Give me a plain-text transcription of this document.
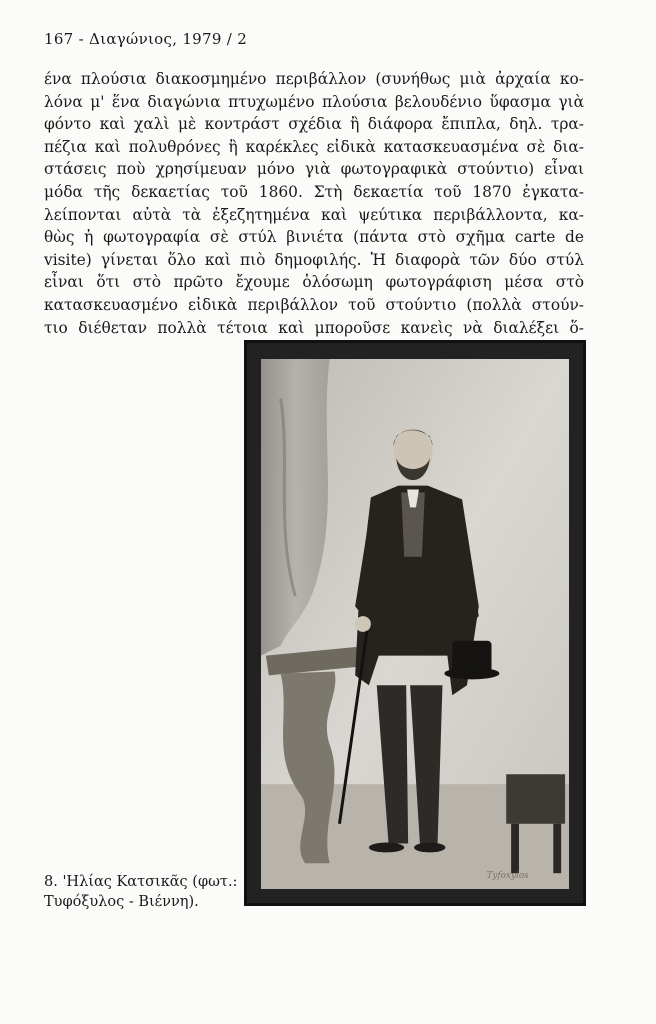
167 - Διαγώνιος, 1979 / 2
ένα πλούσια διακοσμημένο περιβάλλον (συνήθως μιὰ ἀρχαία κο-
λόνα μ' ἕνα διαγώνια πτυχωμένο πλούσια βελουδένιο ὕφασμα γιὰ
φόντο καὶ χαλὶ μὲ κοντράστ σχέδια ἢ διάφορα ἔπιπλα, δηλ. τρα-
πέζια καὶ πολυθρόνες ἢ καρέκλες εἰδικὰ κατασκευασμένα σὲ δια-
στάσεις ποὺ χρησίμευαν μόνο γιὰ φωτογραφικὰ στούντιο) εἶναι
μόδα τῆς δεκαετίας τοῦ 1860. Στὴ δεκαετία τοῦ 1870 ἐγκατα-
λείπονται αὐτὰ τὰ ἐξεζητημένα καὶ ψεύτικα περιβάλλοντα, κα-
θὼς ἡ φωτογραφία σὲ στύλ βινιέτα (πάντα στὸ σχῆμα carte de
visite) γίνεται ὅλο καὶ πιὸ δημοφιλής. Ἡ διαφορὰ τῶν δύο στύλ
εἶναι ὅτι στὸ πρῶτο ἔχουμε ὁλόσωμη φωτογράφιση μέσα στὸ
κατασκευασμένο εἰδικὰ περιβάλλον τοῦ στούντιο (πολλὰ στούν-
τιο διέθεταν πολλὰ τέτοια καὶ μποροῦσε κανεὶς νὰ διαλέξει ὅ-
Tyfoxylos
8. 'Ηλίας Κατσικᾶς (φωτ.:
Τυφόξυλος - Βιέννη).
